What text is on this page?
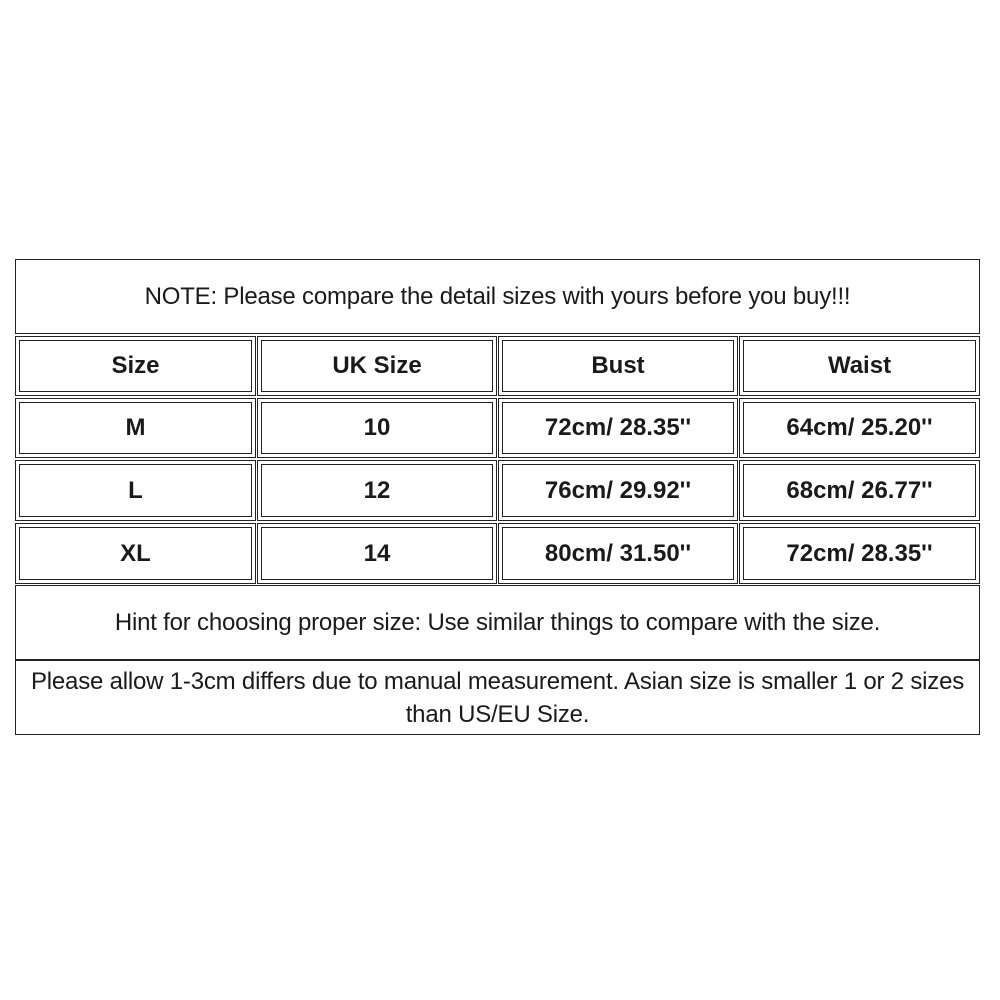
NOTE: Please compare the detail sizes with yours before you buy!!!
Size	UK Size	Bust	Waist
M	10	72cm/ 28.35''	64cm/ 25.20''
L	12	76cm/ 29.92''	68cm/ 26.77''
XL	14	80cm/ 31.50''	72cm/ 28.35''
Hint for choosing proper size: Use similar things to compare with the size.
Please allow 1-3cm differs due to manual measurement. Asian size is smaller 1 or 2 sizes than US/EU Size.
